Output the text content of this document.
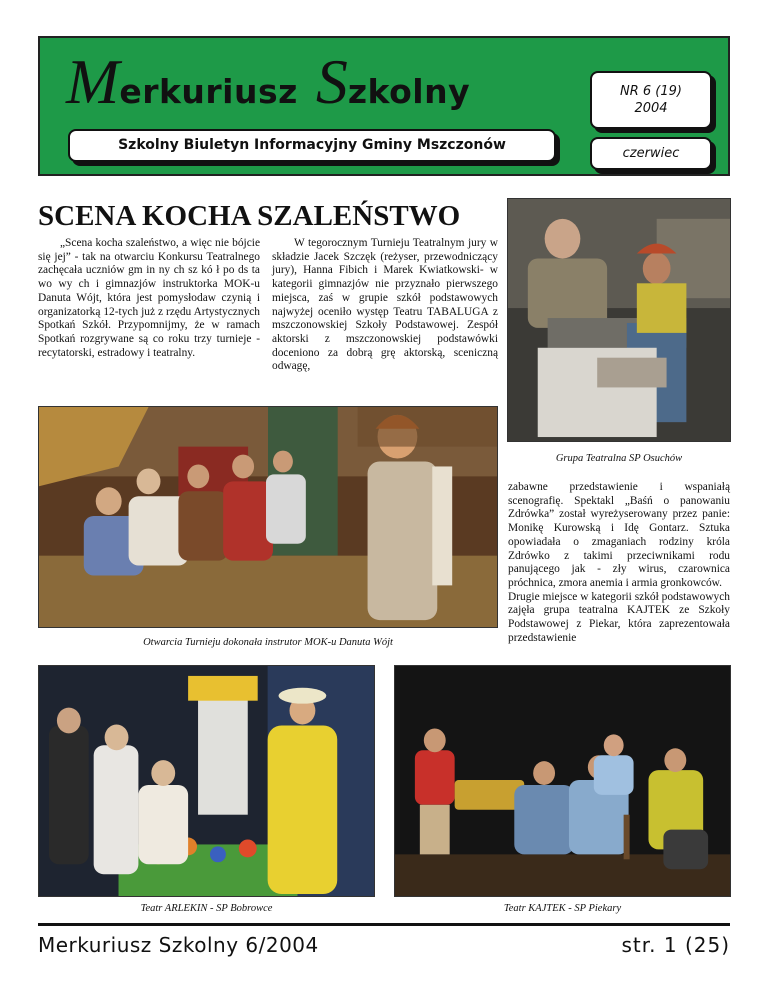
Merkuriusz Szkolny
Szkolny Biuletyn Informacyjny Gminy Mszczonów
NR 6 (19)
2004
czerwiec
SCENA KOCHA SZALEŃSTWO

„Scena kocha szaleństwo, a więc nie bójcie się jej” - tak na otwarciu Konkursu Teatralnego zachęcała uczniów gm in ny ch sz kó ł po ds ta wo wy ch i gimnazjów instruktorka MOK-u Danuta Wójt, która jest pomysłodaw czynią i organizatorką 12-tych już z rzędu Artystycznych Spotkań Szkół. Przypomnijmy, że w ramach Spotkań rozgrywane są co roku trzy turnieje - recytatorski, estradowy i teatralny.

W tegorocznym Turnieju Teatralnym jury w składzie Jacek Szczęk (reżyser, przewodniczący jury), Hanna Fibich i Marek Kwiatkowski- w kategorii gimnazjów nie przyznało pierwszego miejsca, zaś w grupie szkół podstawowych najwyżej oceniło występ Teatru TABALUGA z mszczonowskiej Szkoły Podstawowej. Zespół aktorski z mszczonowskiej podstawówki doceniono za dobrą grę aktorską, sceniczną odwagę,

zabawne przedstawienie i wspaniałą scenografię. Spektakl „Baśń o panowaniu Zdrówka” został wyreżyserowany przez panie: Monikę Kurowską i Idę Gontarz. Sztuka opowiadała o zmaganiach rodziny króla Zdrówko z takimi przeciwnikami rodu panującego jak - zły wirus, czarownica próchnica, zmora anemia i armia gronkowców.

Drugie miejsce w kategorii szkół podstawowych zajęła grupa teatralna KAJTEK ze Szkoły Podstawowej z Piekar, która zaprezentowała przedstawienie

Grupa Teatralna SP Osuchów
Otwarcia Turnieju dokonała instrutor MOK-u Danuta Wójt
Teatr ARLEKIN - SP Bobrowce	Teatr KAJTEK - SP Piekary
Merkuriusz Szkolny 6/2004	str. 1 (25)
